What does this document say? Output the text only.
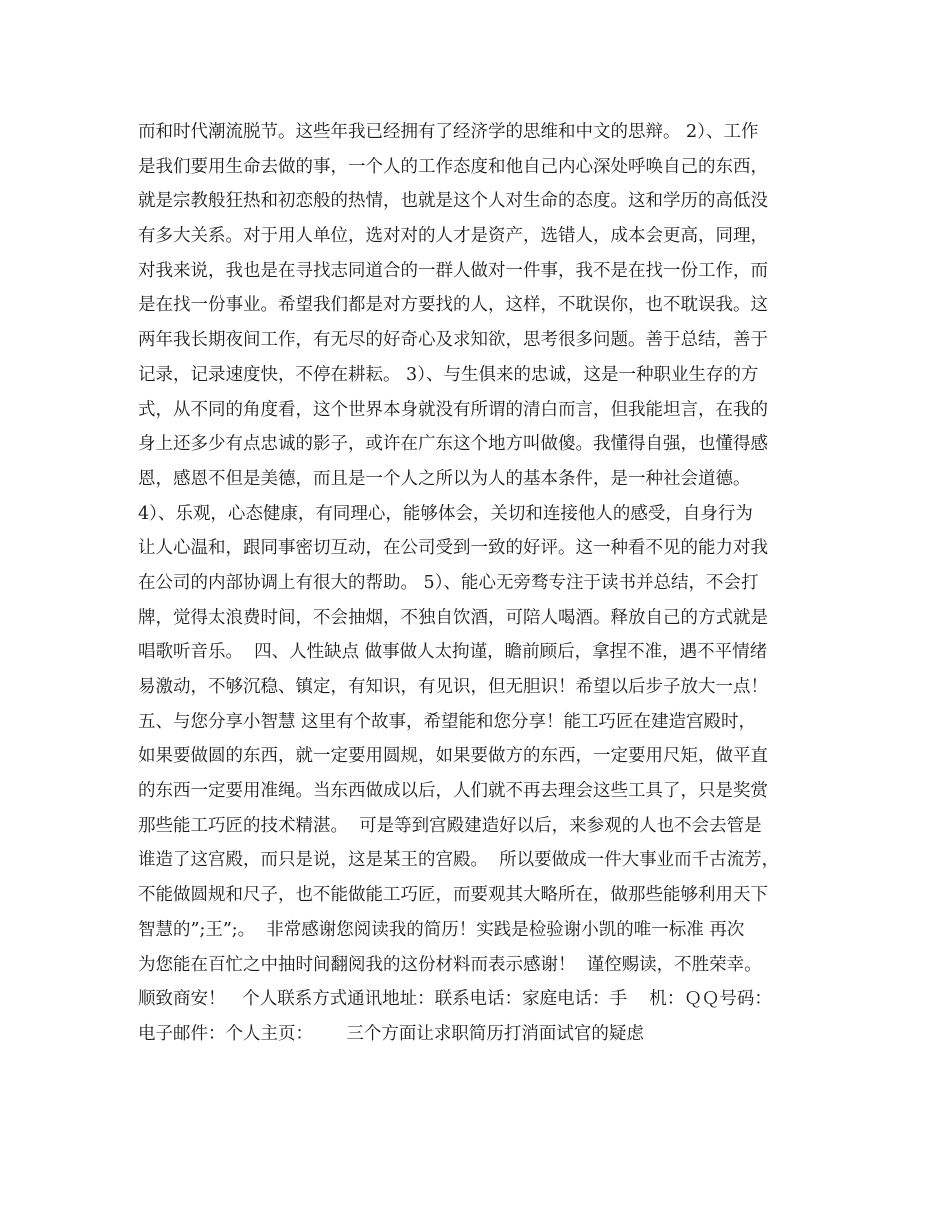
而和时代潮流脱节。这些年我已经拥有了经济学的思维和中文的思辩。 2）、工作
是我们要用生命去做的事，一个人的工作态度和他自己内心深处呼唤自己的东西，
就是宗教般狂热和初恋般的热情，也就是这个人对生命的态度。这和学历的高低没
有多大关系。对于用人单位，选对对的人才是资产，选错人，成本会更高，同理，
对我来说，我也是在寻找志同道合的一群人做对一件事，我不是在找一份工作，而
是在找一份事业。希望我们都是对方要找的人，这样，不耽误你，也不耽误我。这
两年我长期夜间工作，有无尽的好奇心及求知欲，思考很多问题。善于总结，善于
记录，记录速度快，不停在耕耘。 3）、与生俱来的忠诚，这是一种职业生存的方
式，从不同的角度看，这个世界本身就没有所谓的清白而言，但我能坦言，在我的
身上还多少有点忠诚的影子，或许在广东这个地方叫做傻。我懂得自强，也懂得感
恩，感恩不但是美德，而且是一个人之所以为人的基本条件，是一种社会道德。
4）、乐观，心态健康，有同理心，能够体会，关切和连接他人的感受，自身行为
让人心温和，跟同事密切互动，在公司受到一致的好评。这一种看不见的能力对我
在公司的内部协调上有很大的帮助。 5）、能心无旁骛专注于读书并总结，不会打
牌，觉得太浪费时间，不会抽烟，不独自饮酒，可陪人喝酒。释放自己的方式就是
唱歌听音乐。  四、人性缺点 做事做人太拘谨，瞻前顾后，拿捏不准，遇不平情绪
易激动，不够沉稳、镇定，有知识，有见识，但无胆识！希望以后步子放大一点！
五、与您分享小智慧 这里有个故事，希望能和您分享！能工巧匠在建造宫殿时，
如果要做圆的东西，就一定要用圆规，如果要做方的东西，一定要用尺矩，做平直
的东西一定要用准绳。当东西做成以后，人们就不再去理会这些工具了，只是奖赏
那些能工巧匠的技术精湛。  可是等到宫殿建造好以后，来参观的人也不会去管是
谁造了这宫殿，而只是说，这是某王的宫殿。  所以要做成一件大事业而千古流芳，
不能做圆规和尺子，也不能做能工巧匠，而要观其大略所在，做那些能够利用天下
智慧的”;王”;。  非常感谢您阅读我的简历！实践是检验谢小凯的唯一标准 再次
为您能在百忙之中抽时间翻阅我的这份材料而表示感谢！  谨倥赐读，不胜荣幸。
顺致商安！   个人联系方式通讯地址：联系电话：家庭电话：手    机：ＱＱ号码：
电子邮件：个人主页：      三个方面让求职简历打消面试官的疑虑
